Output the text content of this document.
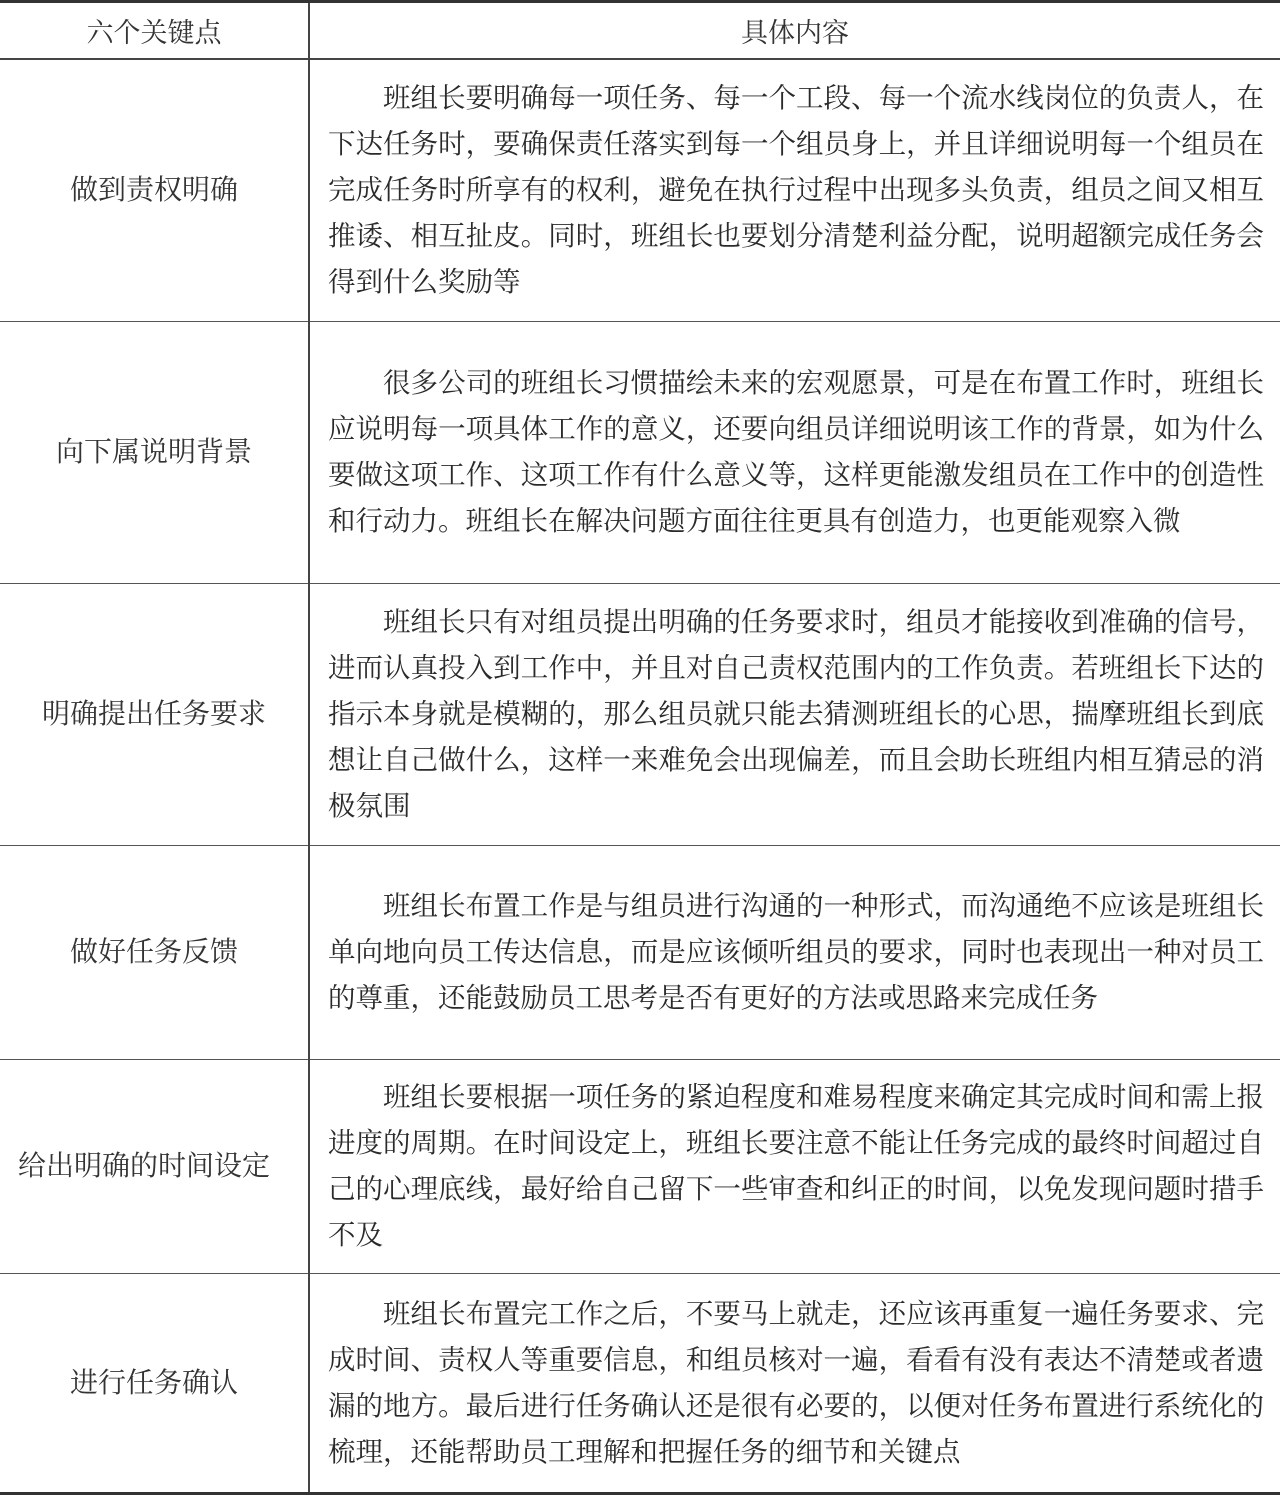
六个关键点	具体内容
做到责权明确	班组长要明确每一项任务、每一个工段、每一个流水线岗位的负责人，在下达任务时，要确保责任落实到每一个组员身上，并且详细说明每一个组员在完成任务时所享有的权利，避免在执行过程中出现多头负责，组员之间又相互推诿、相互扯皮。同时，班组长也要划分清楚利益分配，说明超额完成任务会得到什么奖励等
向下属说明背景	很多公司的班组长习惯描绘未来的宏观愿景，可是在布置工作时，班组长应说明每一项具体工作的意义，还要向组员详细说明该工作的背景，如为什么要做这项工作、这项工作有什么意义等，这样更能激发组员在工作中的创造性和行动力。班组长在解决问题方面往往更具有创造力，也更能观察入微
明确提出任务要求	班组长只有对组员提出明确的任务要求时，组员才能接收到准确的信号，进而认真投入到工作中，并且对自己责权范围内的工作负责。若班组长下达的指示本身就是模糊的，那么组员就只能去猜测班组长的心思，揣摩班组长到底想让自己做什么，这样一来难免会出现偏差，而且会助长班组内相互猜忌的消极氛围
做好任务反馈	班组长布置工作是与组员进行沟通的一种形式，而沟通绝不应该是班组长单向地向员工传达信息，而是应该倾听组员的要求，同时也表现出一种对员工的尊重，还能鼓励员工思考是否有更好的方法或思路来完成任务
给出明确的时间设定	班组长要根据一项任务的紧迫程度和难易程度来确定其完成时间和需上报进度的周期。在时间设定上，班组长要注意不能让任务完成的最终时间超过自己的心理底线，最好给自己留下一些审查和纠正的时间，以免发现问题时措手不及
进行任务确认	班组长布置完工作之后，不要马上就走，还应该再重复一遍任务要求、完成时间、责权人等重要信息，和组员核对一遍，看看有没有表达不清楚或者遗漏的地方。最后进行任务确认还是很有必要的，以便对任务布置进行系统化的梳理，还能帮助员工理解和把握任务的细节和关键点
